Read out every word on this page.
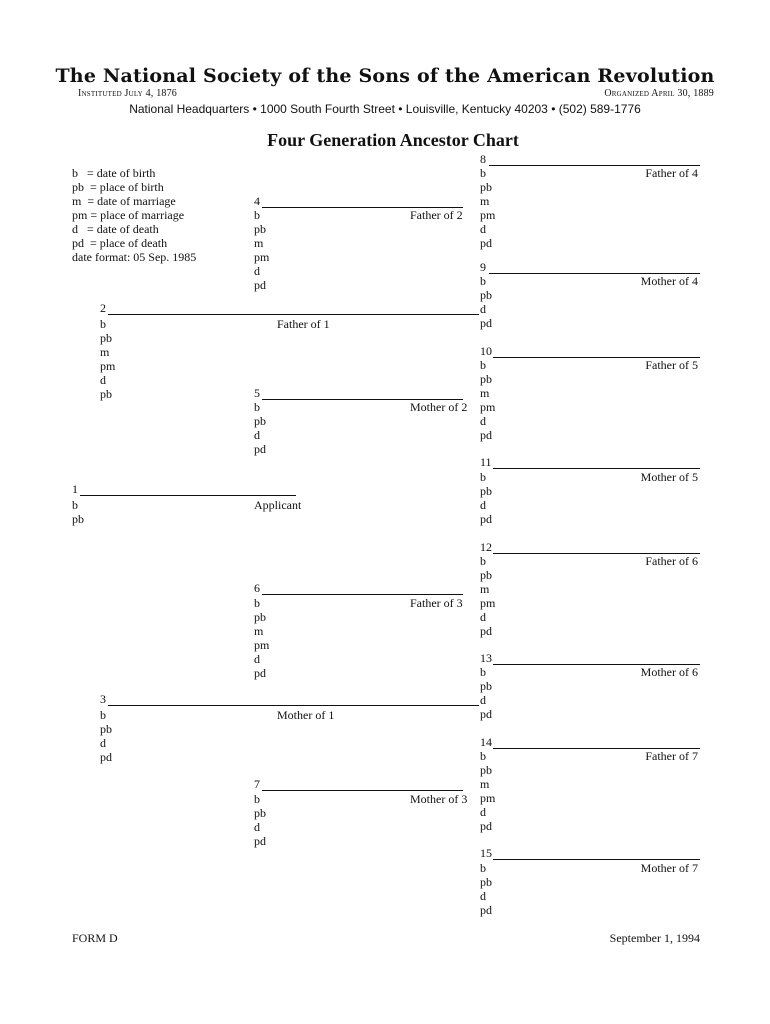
The National Society of the Sons of the American Revolution
Instituted July 4, 1876	Organized April 30, 1889
National Headquarters • 1000 South Fourth Street • Louisville, Kentucky 40203 • (502) 589-1776
Four Generation Ancestor Chart
b   = date of birth
pb  = place of birth
m  = date of marriage
pm = place of marriage
d   = date of death
pd  = place of death
date format: 05 Sep. 1985
1
Applicant
b
pb
2
Father of 1
b
pb
m
pm
d
pb
3
Mother of 1
b
pb
d
pd
4
Father of 2
b
pb
m
pm
d
pd
5
Mother of 2
b
pb
d
pd
6
Father of 3
b
pb
m
pm
d
pd
7
Mother of 3
b
pb
d
pd
8
Father of 4
b
pb
m
pm
d
pd
9
Mother of 4
b
pb
d
pd
10
Father of 5
b
pb
m
pm
d
pd
11
Mother of 5
b
pb
d
pd
12
Father of 6
b
pb
m
pm
d
pd
13
Mother of 6
b
pb
d
pd
14
Father of 7
b
pb
m
pm
d
pd
15
Mother of 7
b
pb
d
pd
FORM D	September 1, 1994
